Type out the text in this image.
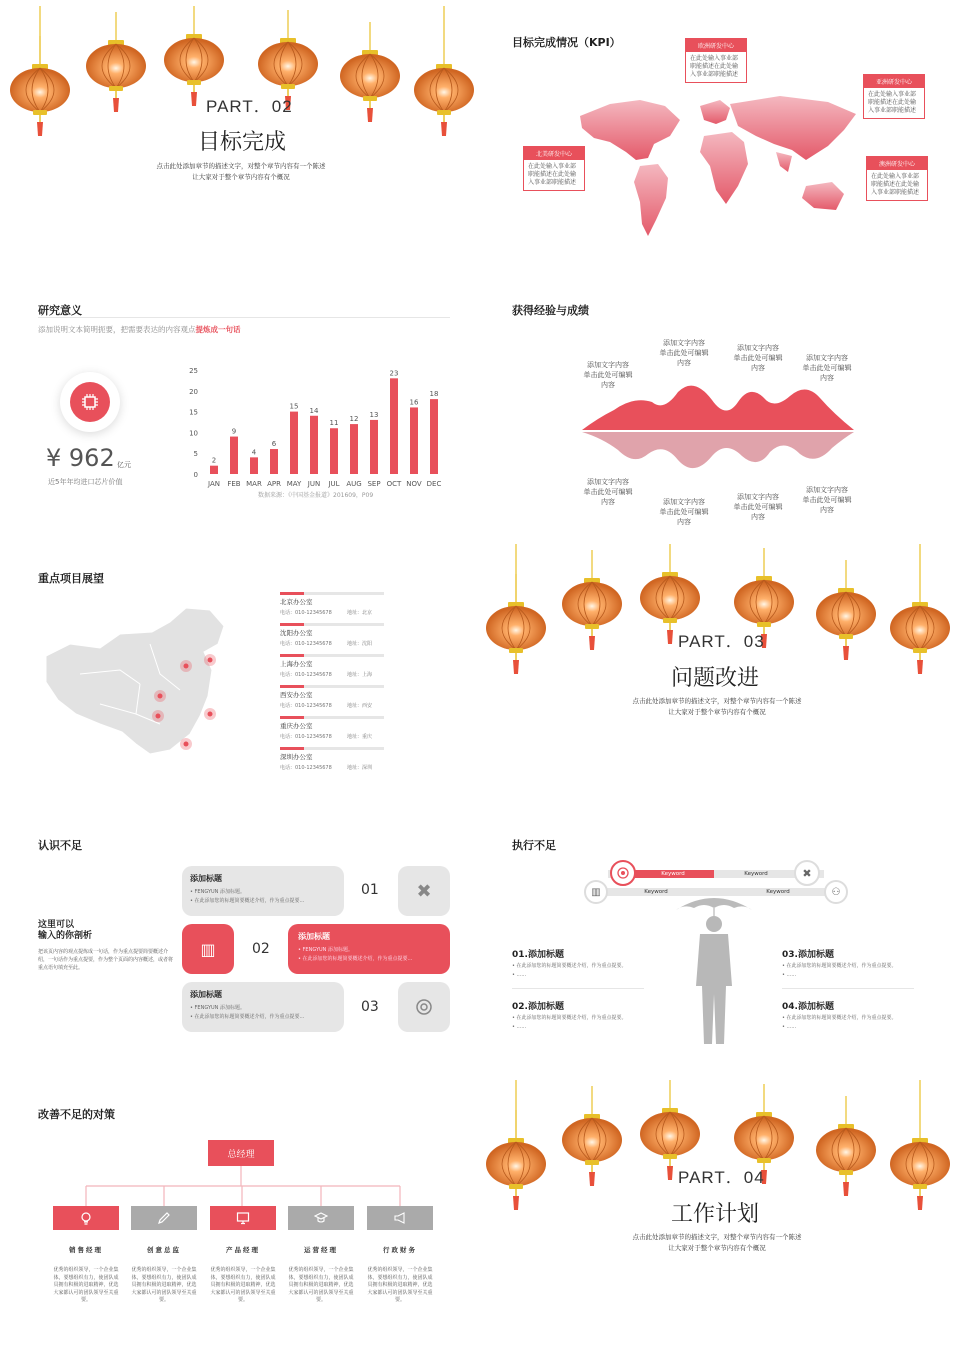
PART．02
目标完成
点击此处添加章节的描述文字，对整个章节内容有一个陈述
让大家对于整个章节内容有个概况
目标完成情况（KPI）	欧洲研发中心
在此处输入事业部职能描述在此处输入事业部职能描述
亚洲研发中心
在此处输入事业部职能描述在此处输入事业部职能描述
北美研发中心
在此处输入事业部职能描述在此处输入事业部职能描述
澳洲研发中心
在此处输入事业部职能描述在此处输入事业部职能描述
研究意义
添加说明文本简明扼要，把需要表达的内容观点提炼成一句话
¥ 962 亿元
近5年年均进口芯片价值
0
5
10
15
20
25
2
JAN
9
FEB
4
MAR
6
APR
15
MAY
14
JUN
11
JUL
12
AUG
13
SEP
23
OCT
16
NOV
18
DEC
数据来源：《中国基金报道》201609，P09
获得经验与成绩
添加文字内容
单击此处可编辑
内容
添加文字内容
单击此处可编辑
内容
添加文字内容
单击此处可编辑
内容
添加文字内容
单击此处可编辑
内容
添加文字内容
单击此处可编辑
内容	添加文字内容
单击此处可编辑
内容
添加文字内容
单击此处可编辑
内容
添加文字内容
单击此处可编辑
内容
重点项目展望
北京办公室
电话：010-12345678	地址：北京
沈阳办公室
电话：010-12345678	地址：沈阳
上海办公室
电话：010-12345678	地址：上海
西安办公室
电话：010-12345678	地址：西安
重庆办公室
电话：010-12345678	地址：重庆
深圳办公室
电话：010-12345678	地址：深圳
PART．03
问题改进
点击此处添加章节的描述文字，对整个章节内容有一个陈述
让大家对于整个章节内容有个概况
认识不足
这里可以
输入的你剖析
把该页内容的观点提炼成一句话，作为重点提要简要概述介绍，一句话作为重点提要，作为整个页面的内容概述，或者将重点语句填充至此。
添加标题
• FENGYUN 添加标题。
• 在此添加您的标题简要概述介绍，作为重点提要...
01	✖
▥	02
添加标题
• FENGYUN 添加标题。
• 在此添加您的标题简要概述介绍，作为重点提要...
添加标题
• FENGYUN 添加标题。
• 在此添加您的标题简要概述介绍，作为重点提要...
03
执行不足
Keyword	Keyword
Keyword	Keyword
✖
▥	⚇
01.添加标题
• 在此添加您的标题简要概述介绍，作为重点提要。
• ......
02.添加标题
• 在此添加您的标题简要概述介绍，作为重点提要。
• ......
03.添加标题
• 在此添加您的标题简要概述介绍，作为重点提要。
• ......
04.添加标题
• 在此添加您的标题简要概述介绍，作为重点提要。
• ......
改善不足的对策
总经理
销售经理	创意总监	产品经理	运营经理	行政财务
优秀的组织领导，一个企业集体，要想组织有力，使团队成员拥有积极的进取精神，优选大家都认可的团队领导至关重要。
优秀的组织领导，一个企业集体，要想组织有力，使团队成员拥有积极的进取精神，优选大家都认可的团队领导至关重要。
优秀的组织领导，一个企业集体，要想组织有力，使团队成员拥有积极的进取精神，优选大家都认可的团队领导至关重要。
优秀的组织领导，一个企业集体，要想组织有力，使团队成员拥有积极的进取精神，优选大家都认可的团队领导至关重要。
优秀的组织领导，一个企业集体，要想组织有力，使团队成员拥有积极的进取精神，优选大家都认可的团队领导至关重要。
PART．04
工作计划
点击此处添加章节的描述文字，对整个章节内容有一个陈述
让大家对于整个章节内容有个概况
